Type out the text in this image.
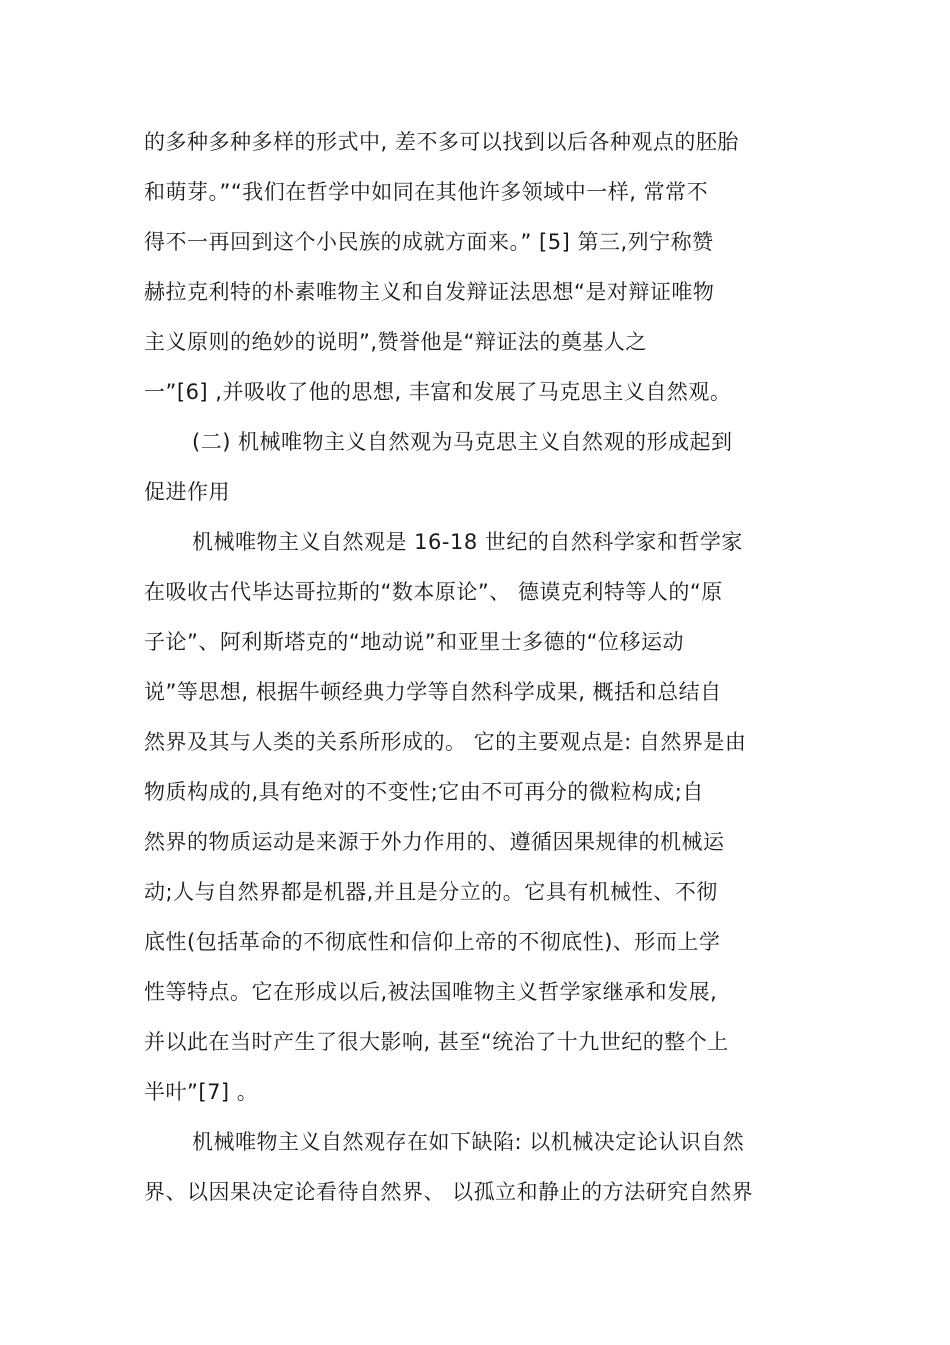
的多种多种多样的形式中, 差不多可以找到以后各种观点的胚胎
和萌芽。”“我们在哲学中如同在其他许多领域中一样, 常常不
得不一再回到这个小民族的成就方面来。” [5] 第三,列宁称赞
赫拉克利特的朴素唯物主义和自发辩证法思想“是对辩证唯物
主义原则的绝妙的说明”,赞誉他是“辩证法的奠基人之
一”[6] ,并吸收了他的思想, 丰富和发展了马克思主义自然观。
(二) 机械唯物主义自然观为马克思主义自然观的形成起到
促进作用
机械唯物主义自然观是 16-18 世纪的自然科学家和哲学家
在吸收古代毕达哥拉斯的“数本原论”、 德谟克利特等人的“原
子论”、阿利斯塔克的“地动说”和亚里士多德的“位移运动
说”等思想, 根据牛顿经典力学等自然科学成果, 概括和总结自
然界及其与人类的关系所形成的。 它的主要观点是: 自然界是由
物质构成的,具有绝对的不变性;它由不可再分的微粒构成;自
然界的物质运动是来源于外力作用的、遵循因果规律的机械运
动;人与自然界都是机器,并且是分立的。它具有机械性、不彻
底性(包括革命的不彻底性和信仰上帝的不彻底性)、形而上学
性等特点。它在形成以后,被法国唯物主义哲学家继承和发展,
并以此在当时产生了很大影响, 甚至“统治了十九世纪的整个上
半叶”[7] 。
机械唯物主义自然观存在如下缺陷: 以机械决定论认识自然
界、以因果决定论看待自然界、 以孤立和静止的方法研究自然界
